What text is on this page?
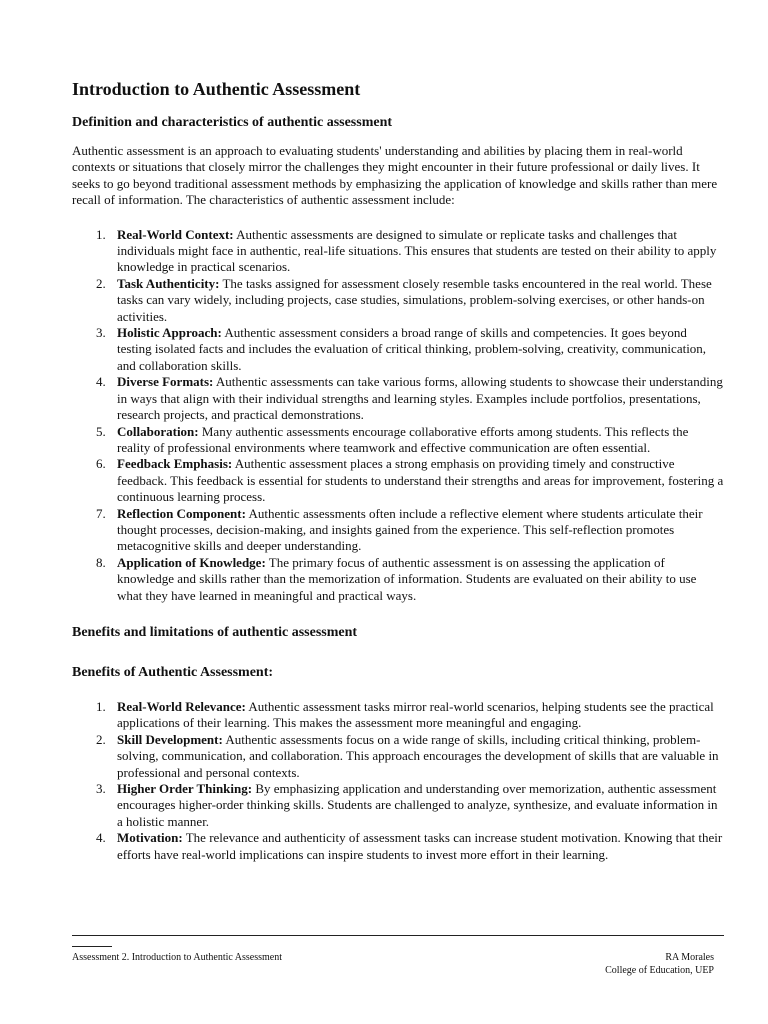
Introduction to Authentic Assessment
Definition and characteristics of authentic assessment

Authentic assessment is an approach to evaluating students' understanding and abilities by placing them in real-world contexts or situations that closely mirror the challenges they might encounter in their future professional or daily lives. It seeks to go beyond traditional assessment methods by emphasizing the application of knowledge and skills rather than mere recall of information. The characteristics of authentic assessment include:

1. Real-World Context: Authentic assessments are designed to simulate or replicate tasks and challenges that individuals might face in authentic, real-life situations. This ensures that students are tested on their ability to apply knowledge in practical scenarios.
2. Task Authenticity: The tasks assigned for assessment closely resemble tasks encountered in the real world. These tasks can vary widely, including projects, case studies, simulations, problem-solving exercises, or other hands-on activities.
3. Holistic Approach: Authentic assessment considers a broad range of skills and competencies. It goes beyond testing isolated facts and includes the evaluation of critical thinking, problem-solving, creativity, communication, and collaboration skills.
4. Diverse Formats: Authentic assessments can take various forms, allowing students to showcase their understanding in ways that align with their individual strengths and learning styles. Examples include portfolios, presentations, research projects, and practical demonstrations.
5. Collaboration: Many authentic assessments encourage collaborative efforts among students. This reflects the reality of professional environments where teamwork and effective communication are often essential.
6. Feedback Emphasis: Authentic assessment places a strong emphasis on providing timely and constructive feedback. This feedback is essential for students to understand their strengths and areas for improvement, fostering a continuous learning process.
7. Reflection Component: Authentic assessments often include a reflective element where students articulate their thought processes, decision-making, and insights gained from the experience. This self-reflection promotes metacognitive skills and deeper understanding.
8. Application of Knowledge: The primary focus of authentic assessment is on assessing the application of knowledge and skills rather than the memorization of information. Students are evaluated on their ability to use what they have learned in meaningful and practical ways.
Benefits and limitations of authentic assessment
Benefits of Authentic Assessment:
1. Real-World Relevance: Authentic assessment tasks mirror real-world scenarios, helping students see the practical applications of their learning. This makes the assessment more meaningful and engaging.
2. Skill Development: Authentic assessments focus on a wide range of skills, including critical thinking, problem-solving, communication, and collaboration. This approach encourages the development of skills that are valuable in professional and personal contexts.
3. Higher Order Thinking: By emphasizing application and understanding over memorization, authentic assessment encourages higher-order thinking skills. Students are challenged to analyze, synthesize, and evaluate information in a holistic manner.
4. Motivation: The relevance and authenticity of assessment tasks can increase student motivation. Knowing that their efforts have real-world implications can inspire students to invest more effort in their learning.
Assessment 2. Introduction to Authentic Assessment	RA Morales
College of Education, UEP
